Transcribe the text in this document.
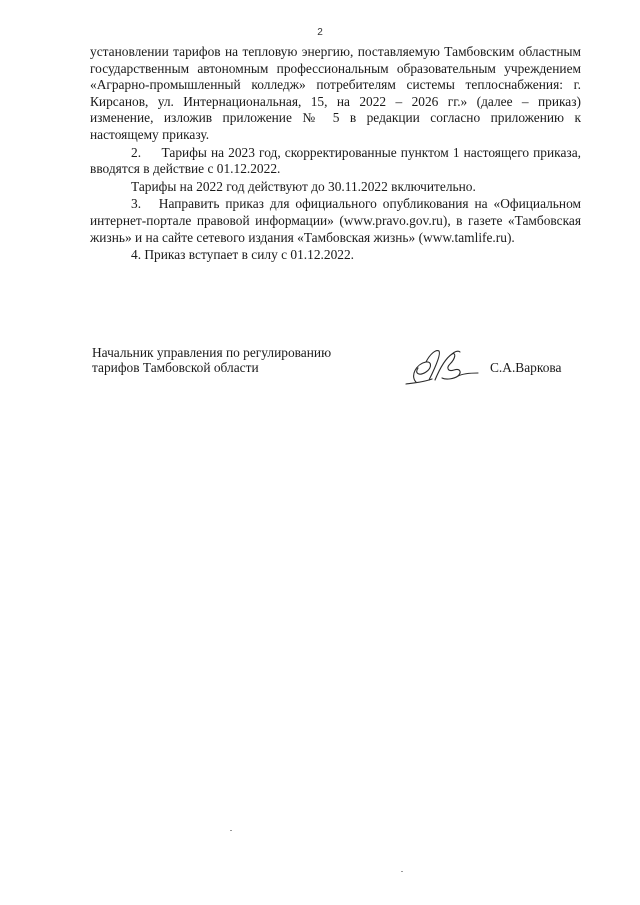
2

установлении тарифов на тепловую энергию, поставляемую Тамбовским областным государственным автономным профессиональным образовательным учреждением «Аграрно-промышленный колледж» потребителям системы теплоснабжения: г. Кирсанов, ул. Интернациональная, 15, на 2022 – 2026 гг.» (далее – приказ) изменение, изложив приложение № 5 в редакции согласно приложению к настоящему приказу.

2.     Тарифы на 2023 год, скорректированные пунктом 1 настоящего приказа, вводятся в действие с 01.12.2022.

Тарифы на 2022 год действуют до 30.11.2022 включительно.

3.   Направить приказ для официального опубликования на «Официальном интернет-портале правовой информации» (www.pravo.gov.ru), в газете «Тамбовская жизнь» и на сайте сетевого издания «Тамбовская жизнь» (www.tamlife.ru).

4. Приказ вступает в силу с 01.12.2022.

Начальник управления по регулированию
тарифов Тамбовской области	С.А.Варкова
